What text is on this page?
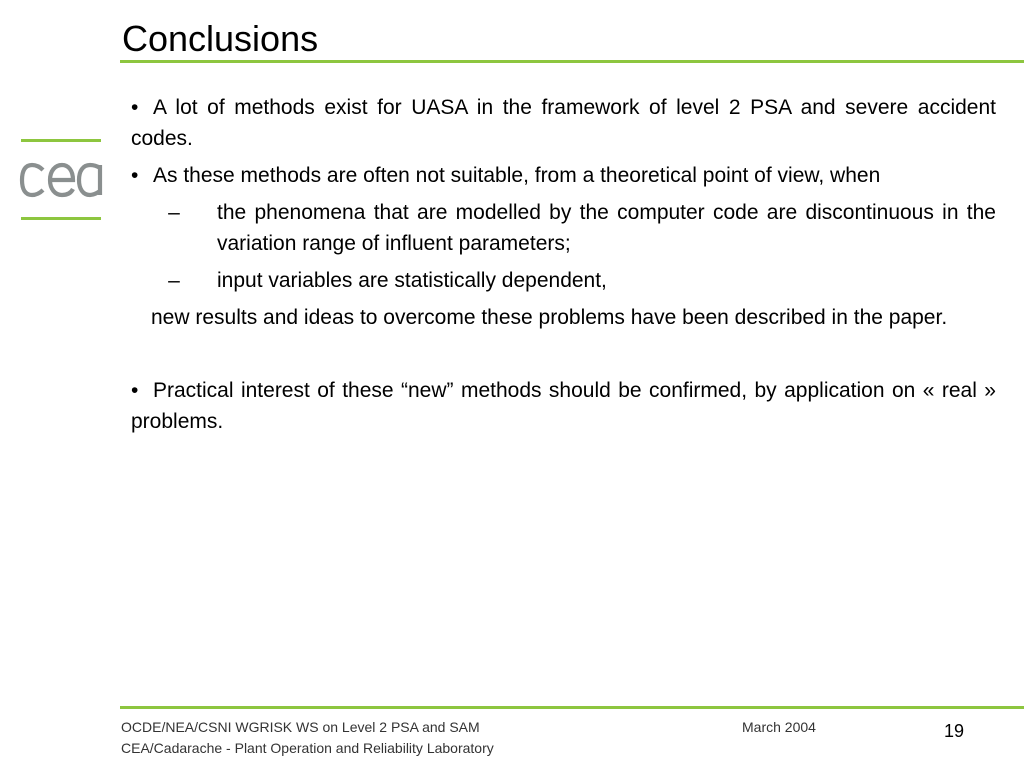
Conclusions

• A lot of methods exist for UASA in the framework of level 2 PSA and severe accident codes.

• As these methods are often not suitable, from a theoretical point of view, when

– the phenomena that are modelled by the computer code are discontinuous in the variation range of influent parameters;

– input variables are statistically dependent,

new results and ideas to overcome these problems have been described in the paper.

• Practical interest of these “new” methods should be confirmed, by application on « real » problems.

OCDE/NEA/CSNI WGRISK WS on Level 2 PSA and SAM
CEA/Cadarache - Plant Operation and Reliability Laboratory
March 2004	19
